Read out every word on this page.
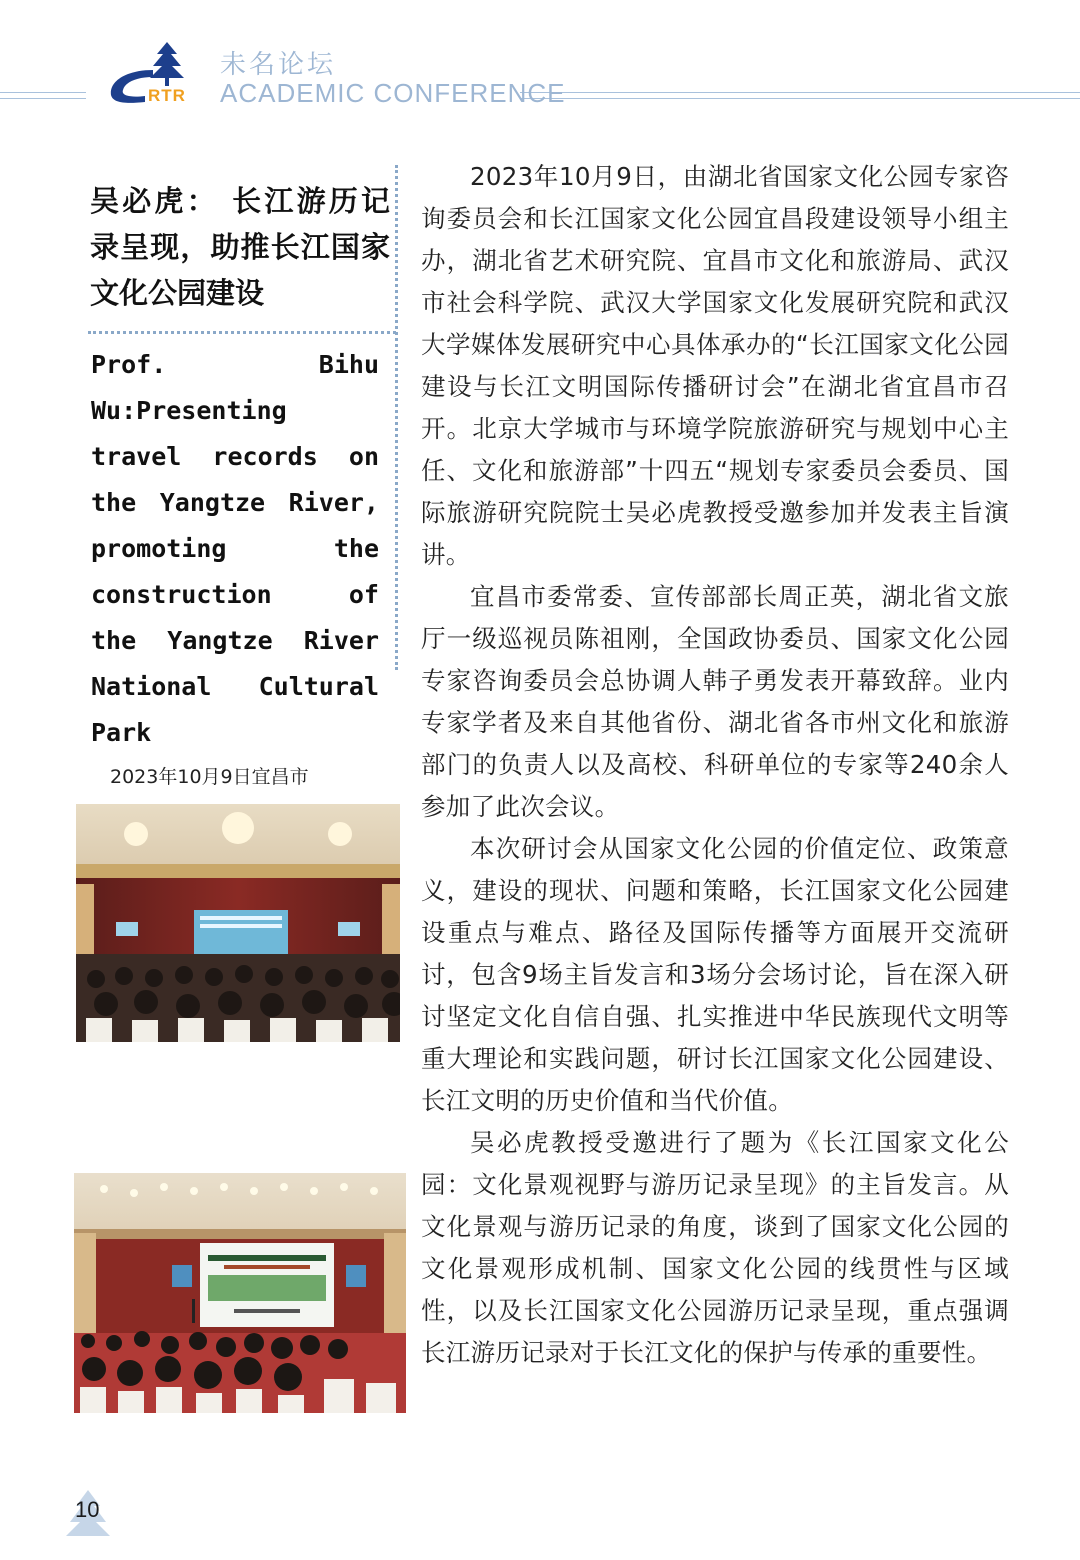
RTR
未名论坛
ACADEMIC CONFERENCE
吴必虎： 长江游历记录呈现，助推长江国家文化公园建设
Prof. Bihu Wu:Presenting travel records on the Yangtze River, promoting the construction of the Yangtze River National Cultural
Park
2023年10月9日宜昌市

2023年10月9日，由湖北省国家文化公园专家咨询委员会和长江国家文化公园宜昌段建设领导小组主办，湖北省艺术研究院、宜昌市文化和旅游局、武汉市社会科学院、武汉大学国家文化发展研究院和武汉大学媒体发展研究中心具体承办的“长江国家文化公园建设与长江文明国际传播研讨会”在湖北省宜昌市召开。北京大学城市与环境学院旅游研究与规划中心主任、文化和旅游部”十四五“规划专家委员会委员、国际旅游研究院院士吴必虎教授受邀参加并发表主旨演讲。

宜昌市委常委、宣传部部长周正英，湖北省文旅厅一级巡视员陈祖刚，全国政协委员、国家文化公园专家咨询委员会总协调人韩子勇发表开幕致辞。业内专家学者及来自其他省份、湖北省各市州文化和旅游部门的负责人以及高校、科研单位的专家等240余人参加了此次会议。

本次研讨会从国家文化公园的价值定位、政策意义，建设的现状、问题和策略，长江国家文化公园建设重点与难点、路径及国际传播等方面展开交流研讨，包含9场主旨发言和3场分会场讨论，旨在深入研讨坚定文化自信自强、扎实推进中华民族现代文明等重大理论和实践问题，研讨长江国家文化公园建设、长江文明的历史价值和当代价值。

吴必虎教授受邀进行了题为《长江国家文化公园：文化景观视野与游历记录呈现》的主旨发言。从文化景观与游历记录的角度，谈到了国家文化公园的文化景观形成机制、国家文化公园的线贯性与区域性，以及长江国家文化公园游历记录呈现，重点强调长江游历记录对于长江文化的保护与传承的重要性。

10
